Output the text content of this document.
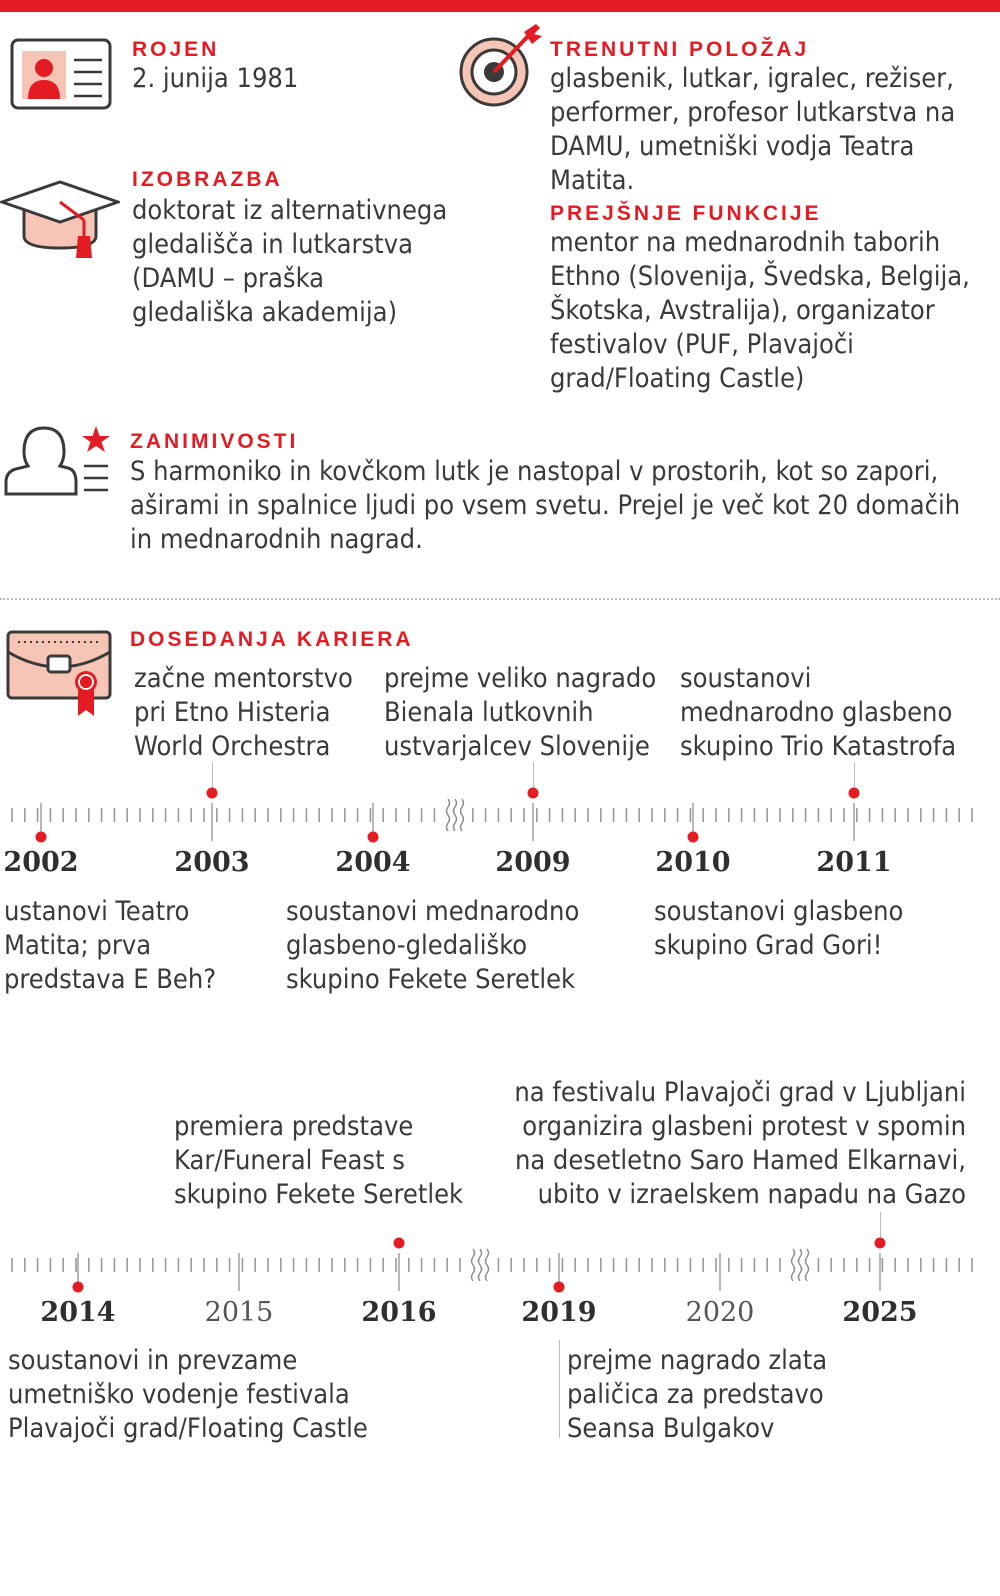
ROJEN
2. junija 1981
TRENUTNI POLOŽAJ
glasbenik, lutkar, igralec, režiser,
performer, profesor lutkarstva na
DAMU, umetniški vodja Teatra Matita.
IZOBRAZBA
doktorat iz alternativnega
gledališča in lutkarstva
(DAMU – praška
gledališka akademija)
PREJŠNJE FUNKCIJE
mentor na mednarodnih taborih
Ethno (Slovenija, Švedska, Belgija,
Škotska, Avstralija), organizator
festivalov (PUF, Plavajoči
grad/Floating Castle)
ZANIMIVOSTI
S harmoniko in kovčkom lutk je nastopal v prostorih, kot so zapori,
aširami in spalnice ljudi po vsem svetu. Prejel je več kot 20 domačih
in mednarodnih nagrad.
DOSEDANJA KARIERA
začne mentorstvo
pri Etno Histeria
World Orchestra
prejme veliko nagrado
Bienala lutkovnih
ustvarjalcev Slovenije
soustanovi
mednarodno glasbeno
skupino Trio Katastrofa
2002	2003	2004	2009	2010	2011
ustanovi Teatro
Matita; prva
predstava E Beh?
soustanovi mednarodno
glasbeno-gledališko
skupino Fekete Seretlek
soustanovi glasbeno
skupino Grad Gori!
premiera predstave
Kar/Funeral Feast s
skupino Fekete Seretlek
na festivalu Plavajoči grad v Ljubljani
organizira glasbeni protest v spomin
na desetletno Saro Hamed Elkarnavi,
ubito v izraelskem napadu na Gazo
2014	2015	2016	2019	2020	2025
soustanovi in prevzame
umetniško vodenje festivala
Plavajoči grad/Floating Castle
prejme nagrado zlata
paličica za predstavo
Seansa Bulgakov
